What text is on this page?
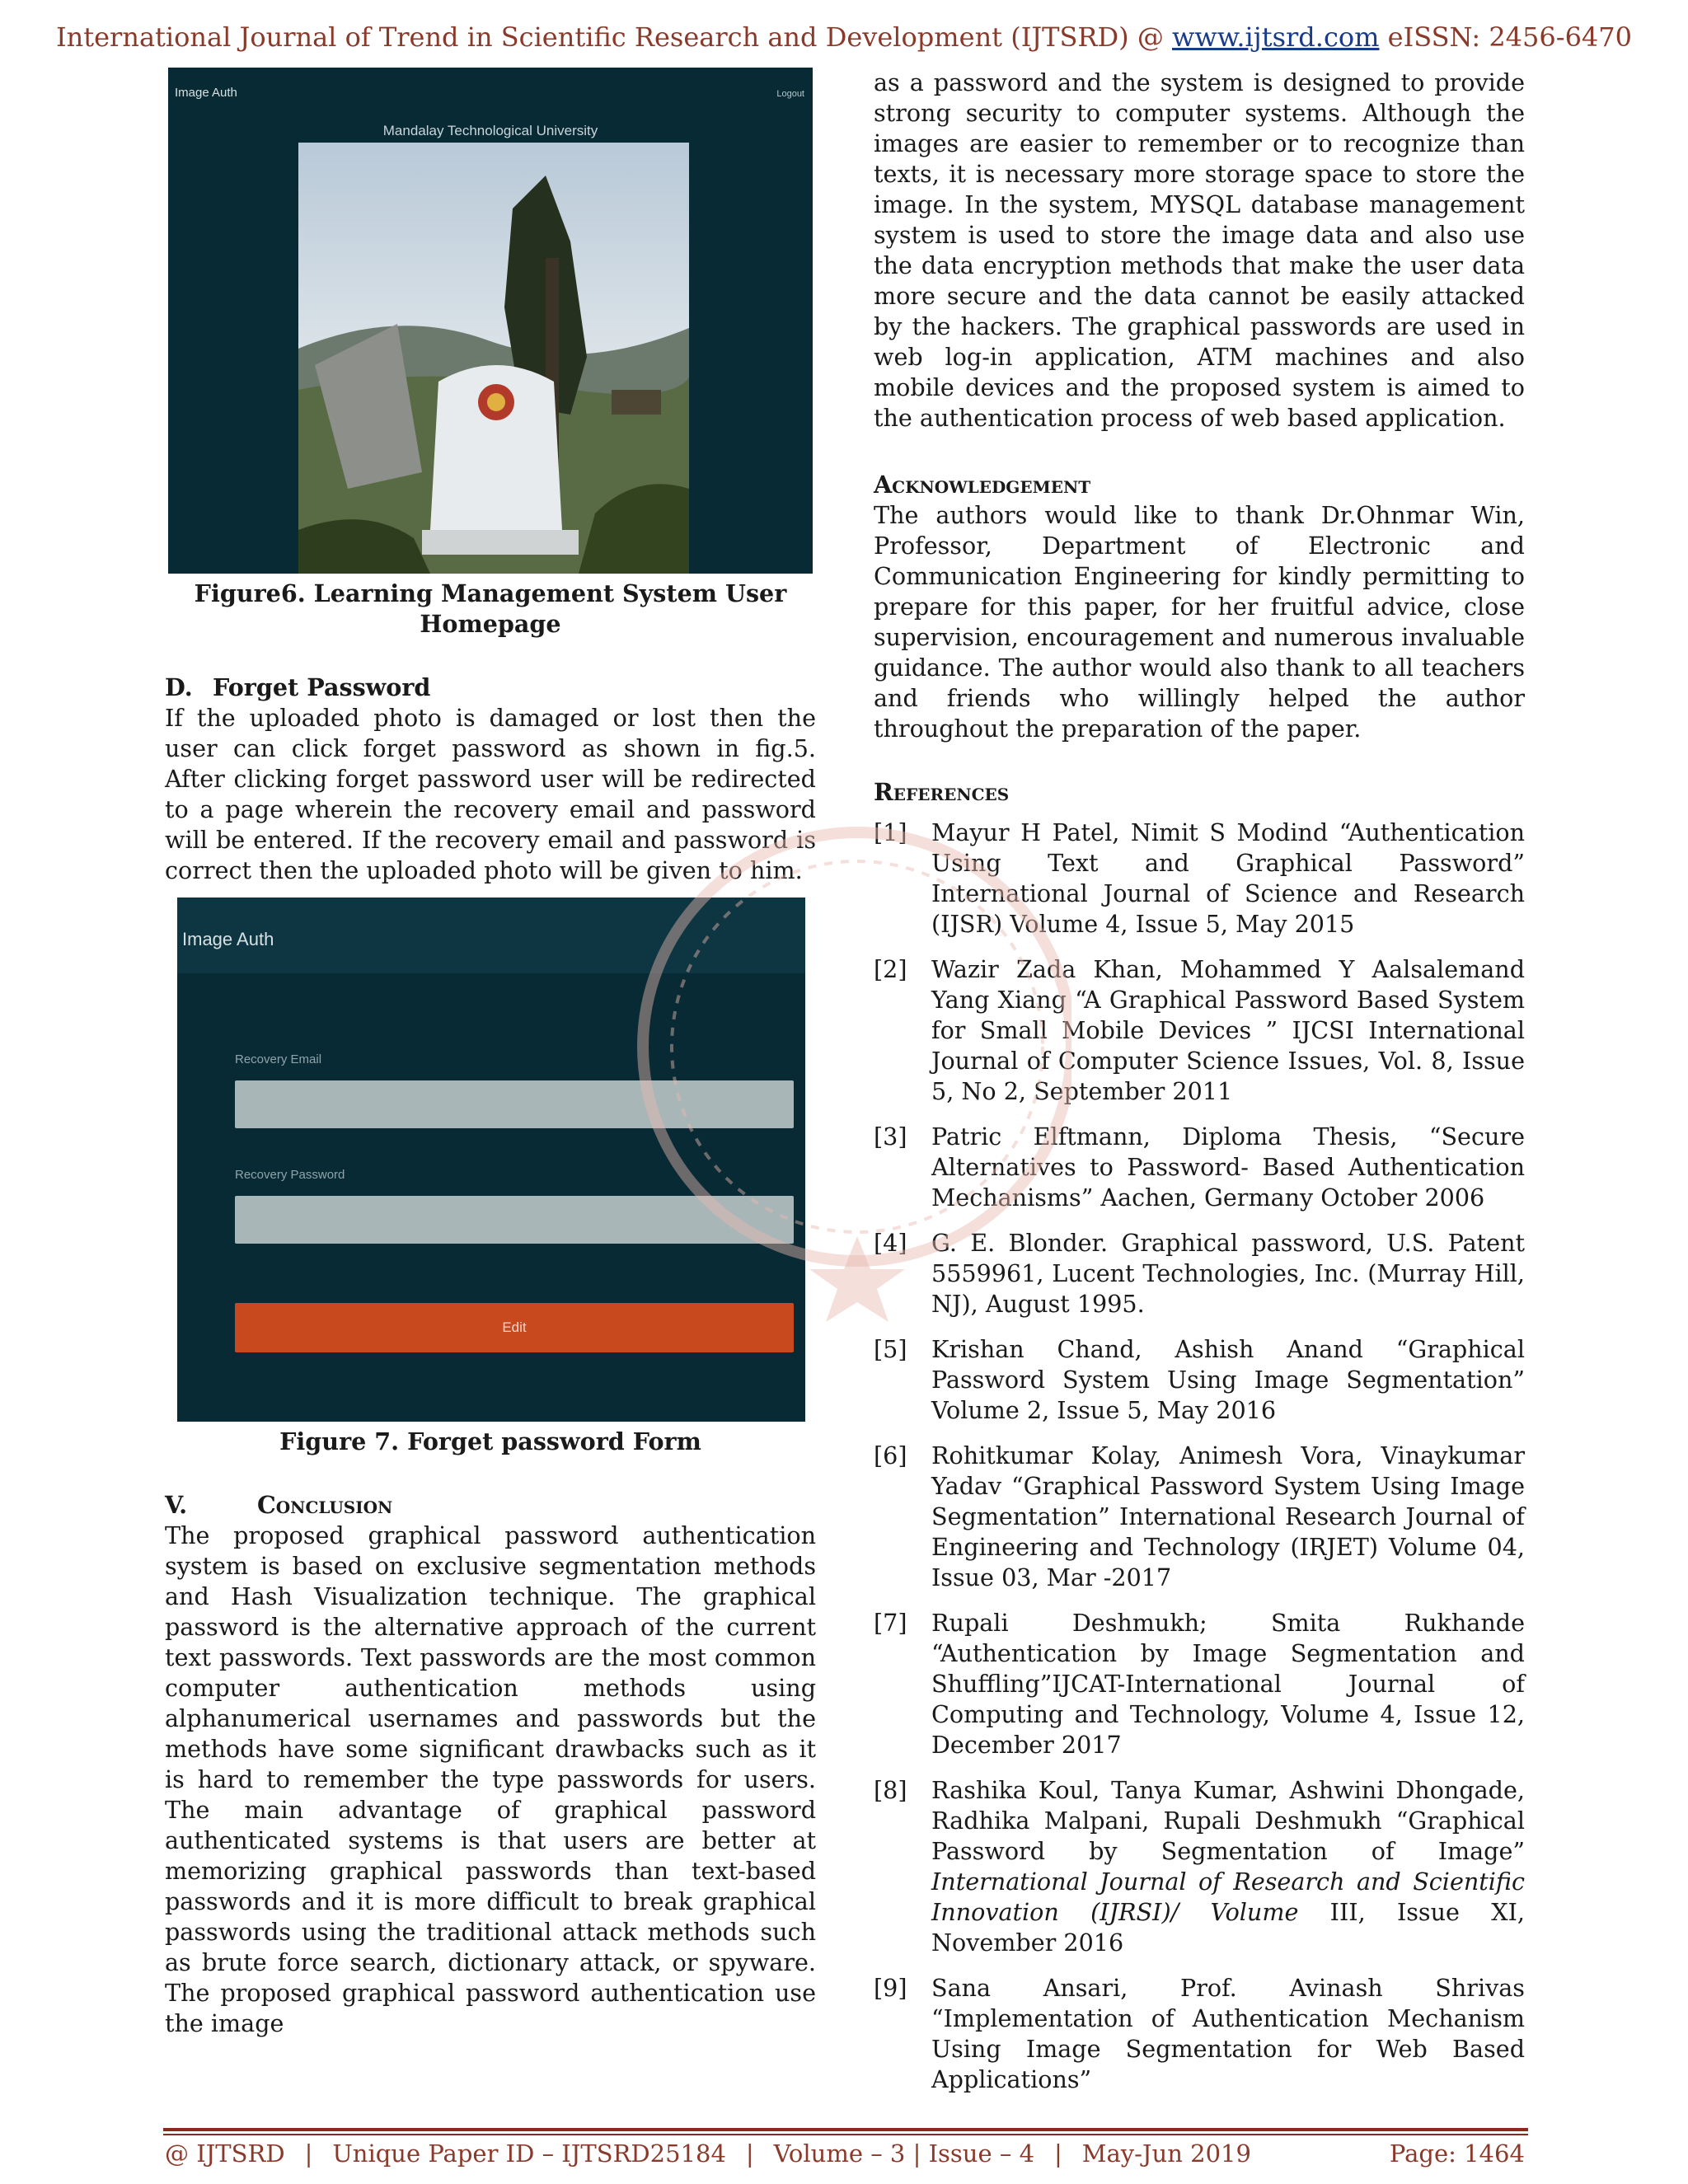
International Journal of Trend in Scientific Research and Development (IJTSRD) @ www.ijtsrd.com eISSN: 2456-6470
Image Auth	Logout
Mandalay Technological University

Figure6. Learning Management System User Homepage

D. Forget Password

If the uploaded photo is damaged or lost then the user can click forget password as shown in fig.5. After clicking forget password user will be redirected to a page wherein the recovery email and password will be entered. If the recovery email and password is correct then the uploaded photo will be given to him.

Image Auth
Recovery Email
Recovery Password
Edit

Figure 7. Forget password Form

V.	Conclusion

The proposed graphical password authentication system is based on exclusive segmentation methods and Hash Visualization technique. The graphical password is the alternative approach of the current text passwords. Text passwords are the most common computer authentication methods using alphanumerical usernames and passwords but the methods have some significant drawbacks such as it is hard to remember the type passwords for users. The main advantage of graphical password authenticated systems is that users are better at memorizing graphical passwords than text-based passwords and it is more difficult to break graphical passwords using the traditional attack methods such as brute force search, dictionary attack, or spyware. The proposed graphical password authentication use the image

as a password and the system is designed to provide strong security to computer systems. Although the images are easier to remember or to recognize than texts, it is necessary more storage space to store the image. In the system, MYSQL database management system is used to store the image data and also use the data encryption methods that make the user data more secure and the data cannot be easily attacked by the hackers. The graphical passwords are used in web log-in application, ATM machines and also mobile devices and the proposed system is aimed to the authentication process of web based application.

Acknowledgement

The authors would like to thank Dr.Ohnmar Win, Professor, Department of Electronic and Communication Engineering for kindly permitting to prepare for this paper, for her fruitful advice, close supervision, encouragement and numerous invaluable guidance. The author would also thank to all teachers and friends who willingly helped the author throughout the preparation of the paper.

References

[1]	Mayur H Patel, Nimit S Modind “Authentication Using Text and Graphical Password” International Journal of Science and Research (IJSR) Volume 4, Issue 5, May 2015
[2]	Wazir Zada Khan, Mohammed Y Aalsalemand Yang Xiang “A Graphical Password Based System for Small Mobile Devices ” IJCSI International Journal of Computer Science Issues, Vol. 8, Issue 5, No 2, September 2011
[3]	Patric Elftmann, Diploma Thesis, “Secure Alternatives to Password- Based Authentication Mechanisms” Aachen, Germany October 2006
[4]	G. E. Blonder. Graphical password, U.S. Patent 5559961, Lucent Technologies, Inc. (Murray Hill, NJ), August 1995.
[5]	Krishan Chand, Ashish Anand “Graphical Password System Using Image Segmentation” Volume 2, Issue 5, May 2016
[6]	Rohitkumar Kolay, Animesh Vora, Vinaykumar Yadav “Graphical Password System Using Image Segmentation” International Research Journal of Engineering and Technology (IRJET) Volume 04, Issue 03, Mar -2017
[7]	Rupali Deshmukh; Smita Rukhande “Authentication by Image Segmentation and Shuffling”IJCAT-International Journal of Computing and Technology, Volume 4, Issue 12, December 2017
[8]	Rashika Koul, Tanya Kumar, Ashwini Dhongade, Radhika Malpani, Rupali Deshmukh “Graphical Password by Segmentation of Image” International Journal of Research and Scientific Innovation (IJRSI)/ Volume III, Issue XI, November 2016
[9]	Sana Ansari, Prof. Avinash Shrivas “Implementation of Authentication Mechanism Using Image Segmentation for Web Based Applications”
@ IJTSRD | Unique Paper ID – IJTSRD25184 | Volume – 3 | Issue – 4 | May-Jun 2019	Page: 1464
